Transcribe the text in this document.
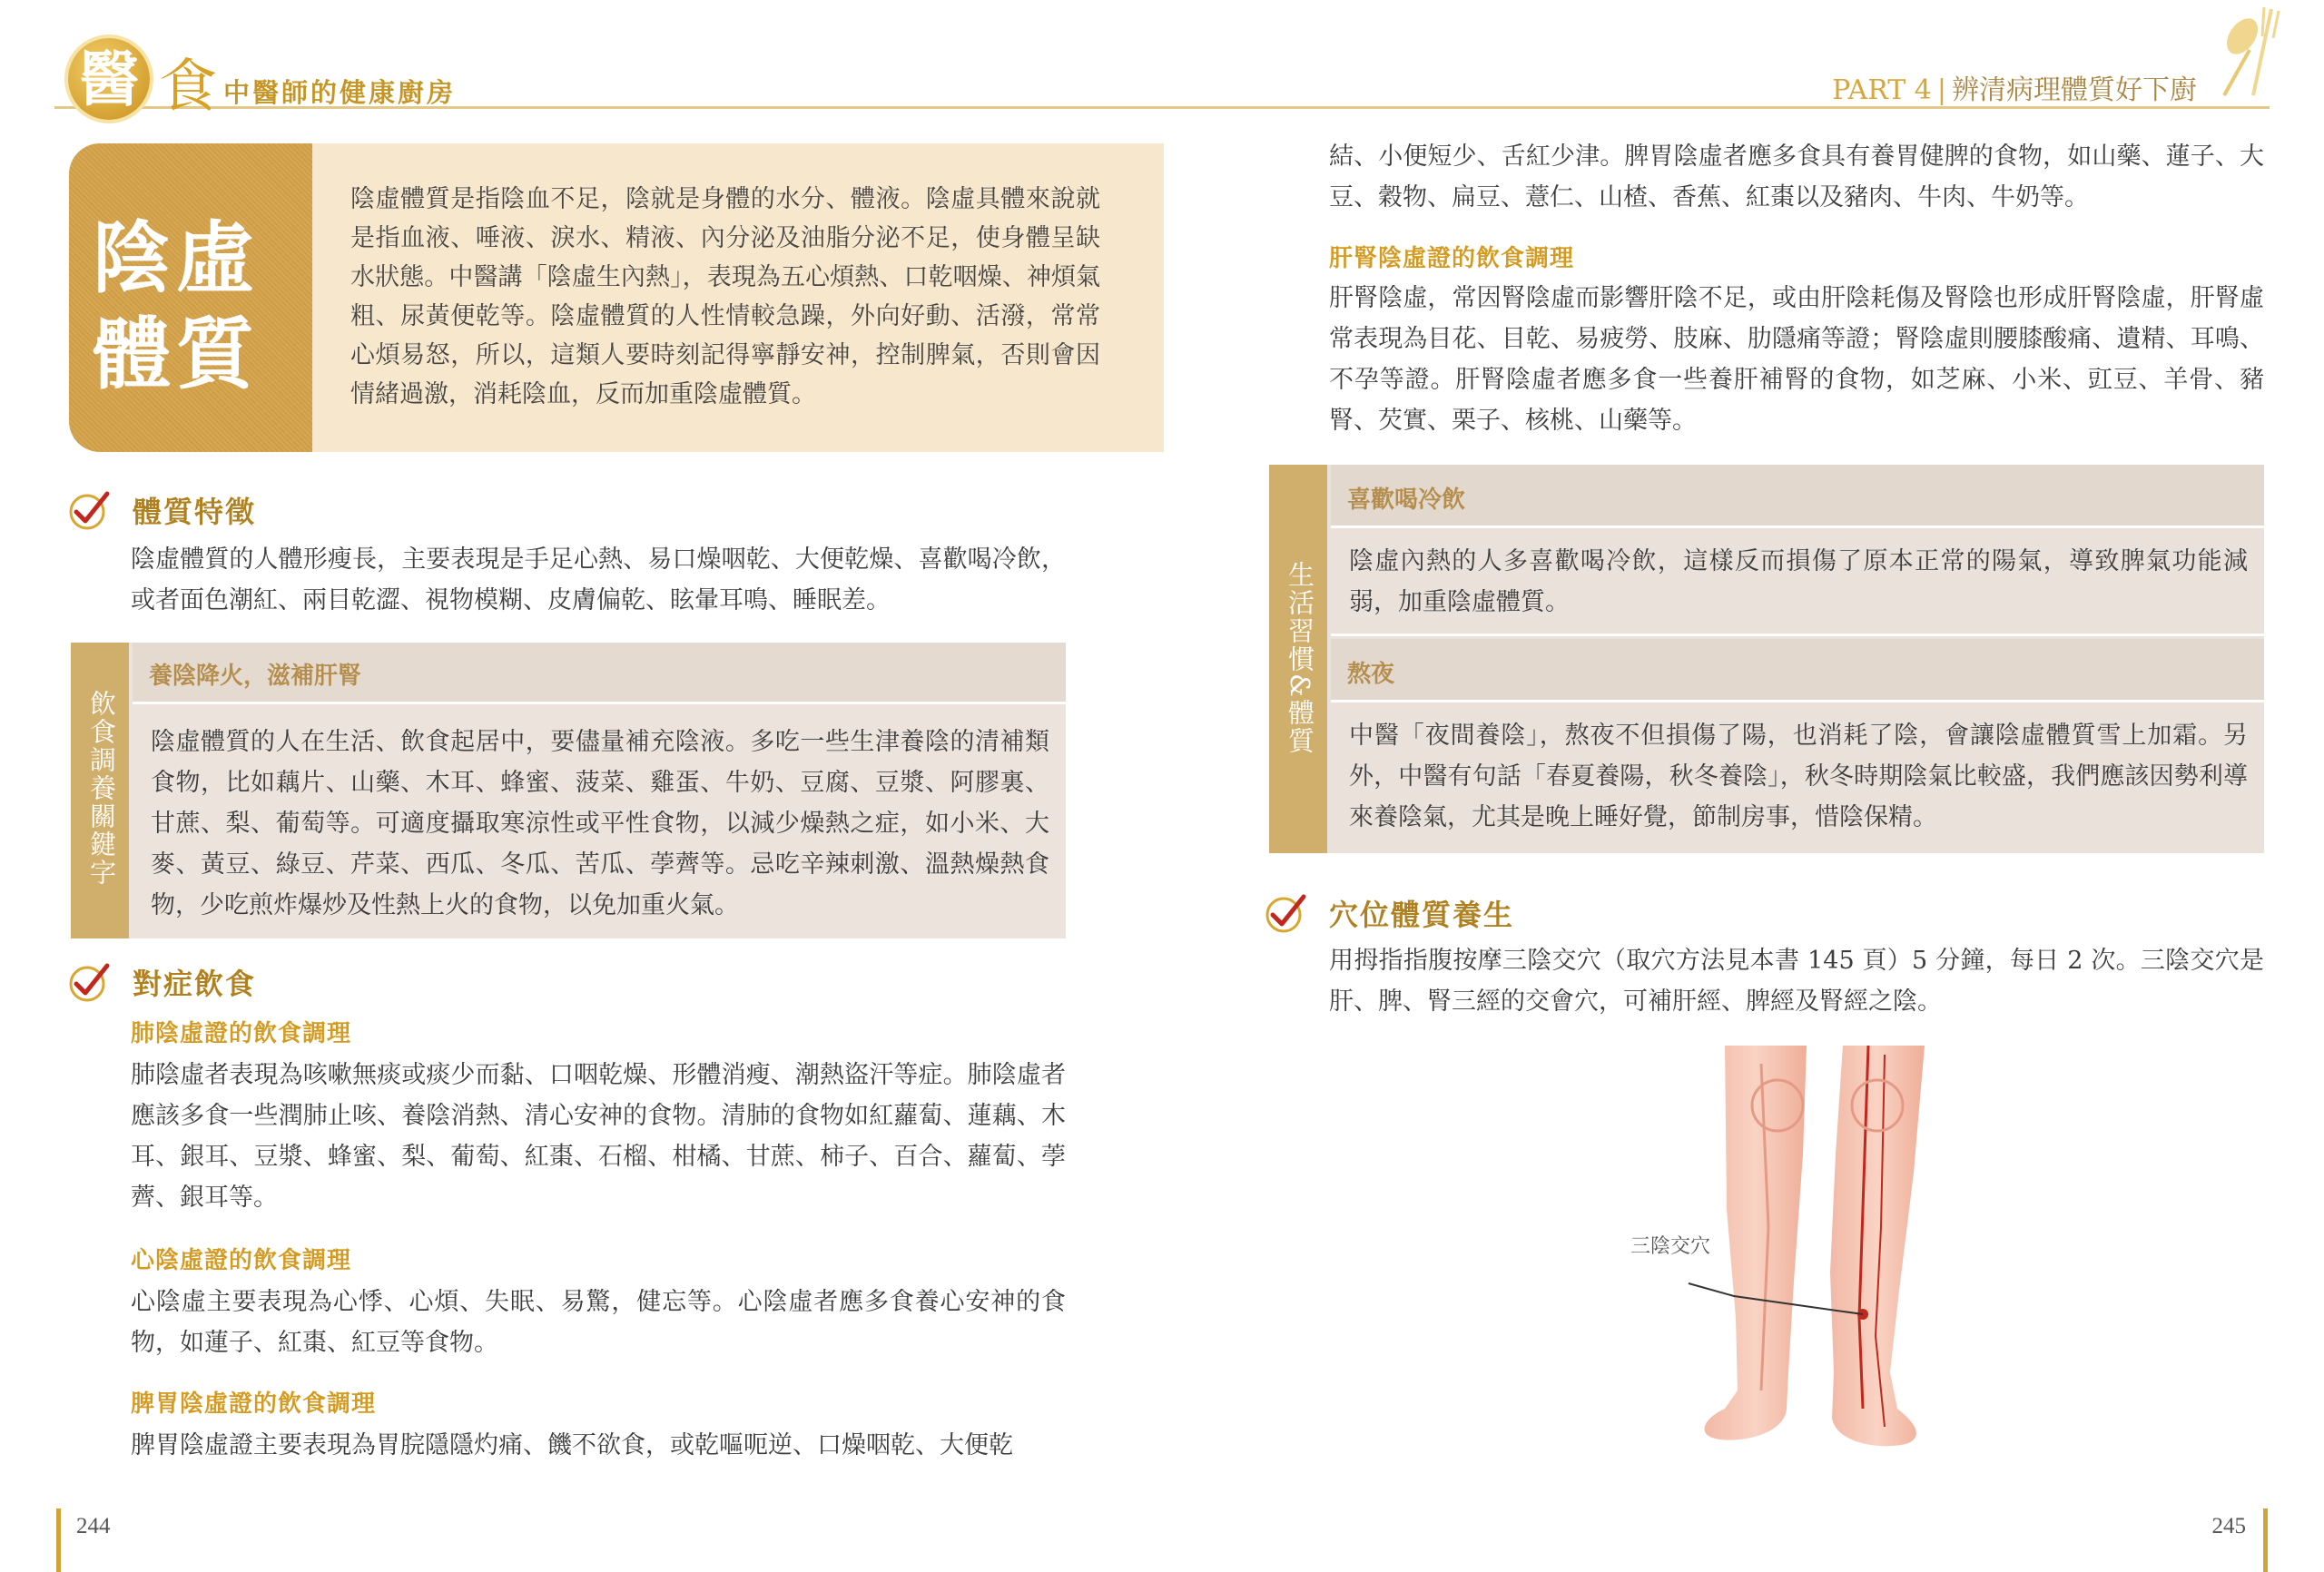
醫 食 中醫師的健康廚房	PART 4 | 辨清病理體質好下廚
陰虛
體質
陰虛體質是指陰血不足，陰就是身體的水分、體液。陰虛具體來說就是指血液、唾液、淚水、精液、內分泌及油脂分泌不足，使身體呈缺水狀態。中醫講「陰虛生內熱」，表現為五心煩熱、口乾咽燥、神煩氣粗、尿黃便乾等。陰虛體質的人性情較急躁，外向好動、活潑，常常心煩易怒，所以，這類人要時刻記得寧靜安神，控制脾氣，否則會因情緒過激，消耗陰血，反而加重陰虛體質。
體質特徵
陰虛體質的人體形瘦長，主要表現是手足心熱、易口燥咽乾、大便乾燥、喜歡喝冷飲，或者面色潮紅、兩目乾澀、視物模糊、皮膚偏乾、眩暈耳鳴、睡眠差。
飲食調養關鍵字
養陰降火，滋補肝腎
陰虛體質的人在生活、飲食起居中，要儘量補充陰液。多吃一些生津養陰的清補類食物，比如藕片、山藥、木耳、蜂蜜、菠菜、雞蛋、牛奶、豆腐、豆漿、阿膠裏、甘蔗、梨、葡萄等。可適度攝取寒涼性或平性食物，以減少燥熱之症，如小米、大麥、黃豆、綠豆、芹菜、西瓜、冬瓜、苦瓜、荸薺等。忌吃辛辣刺激、溫熱燥熱食物，少吃煎炸爆炒及性熱上火的食物，以免加重火氣。
對症飲食
肺陰虛證的飲食調理
肺陰虛者表現為咳嗽無痰或痰少而黏、口咽乾燥、形體消瘦、潮熱盜汗等症。肺陰虛者應該多食一些潤肺止咳、養陰消熱、清心安神的食物。清肺的食物如紅蘿蔔、蓮藕、木耳、銀耳、豆漿、蜂蜜、梨、葡萄、紅棗、石榴、柑橘、甘蔗、柿子、百合、蘿蔔、荸薺、銀耳等。
心陰虛證的飲食調理
心陰虛主要表現為心悸、心煩、失眠、易驚，健忘等。心陰虛者應多食養心安神的食物，如蓮子、紅棗、紅豆等食物。
脾胃陰虛證的飲食調理
脾胃陰虛證主要表現為胃脘隱隱灼痛、饑不欲食，或乾嘔呃逆、口燥咽乾、大便乾
結、小便短少、舌紅少津。脾胃陰虛者應多食具有養胃健脾的食物，如山藥、蓮子、大豆、穀物、扁豆、薏仁、山楂、香蕉、紅棗以及豬肉、牛肉、牛奶等。
肝腎陰虛證的飲食調理
肝腎陰虛，常因腎陰虛而影響肝陰不足，或由肝陰耗傷及腎陰也形成肝腎陰虛，肝腎虛常表現為目花、目乾、易疲勞、肢麻、肋隱痛等證；腎陰虛則腰膝酸痛、遺精、耳鳴、不孕等證。肝腎陰虛者應多食一些養肝補腎的食物，如芝麻、小米、豇豆、羊骨、豬腎、芡實、栗子、核桃、山藥等。
生活習慣&體質
喜歡喝冷飲
陰虛內熱的人多喜歡喝冷飲，這樣反而損傷了原本正常的陽氣，導致脾氣功能減弱，加重陰虛體質。
熬夜
中醫「夜間養陰」，熬夜不但損傷了陽，也消耗了陰，會讓陰虛體質雪上加霜。另外，中醫有句話「春夏養陽，秋冬養陰」，秋冬時期陰氣比較盛，我們應該因勢利導來養陰氣，尤其是晚上睡好覺，節制房事，惜陰保精。
穴位體質養生
用拇指指腹按摩三陰交穴（取穴方法見本書 145 頁）5 分鐘，每日 2 次。三陰交穴是肝、脾、腎三經的交會穴，可補肝經、脾經及腎經之陰。
三陰交穴
244	245
